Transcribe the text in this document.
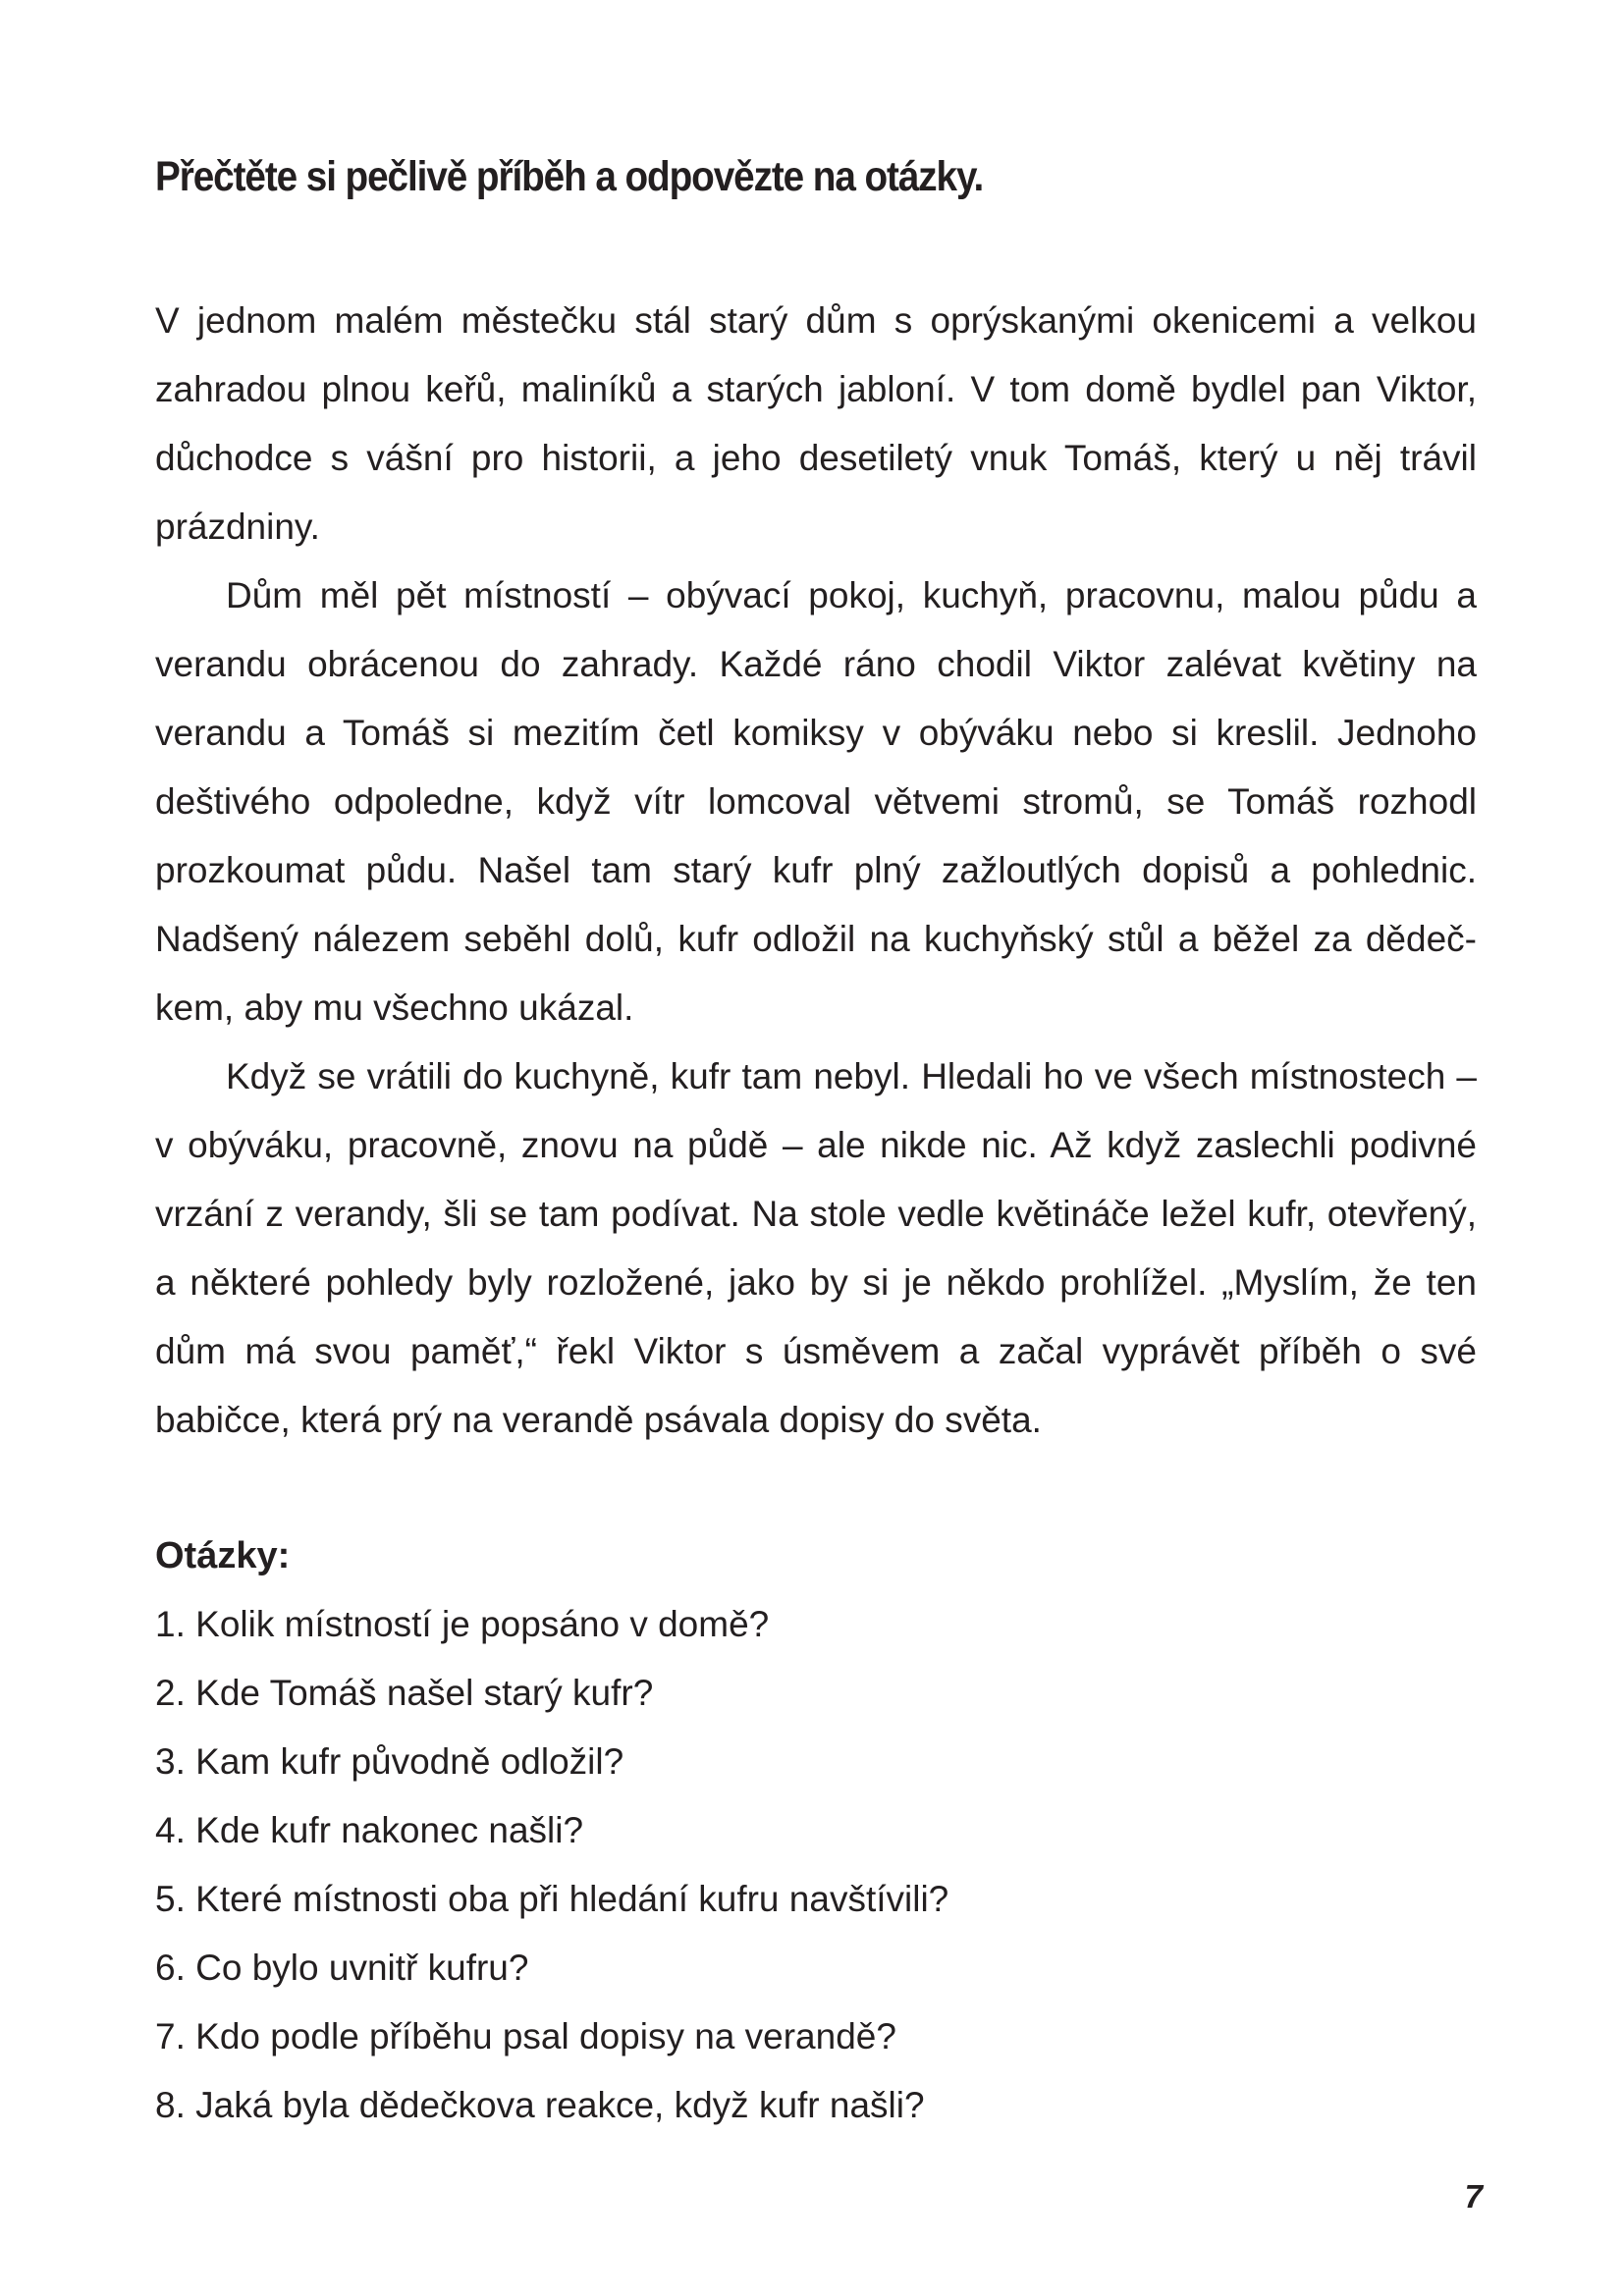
Přečtěte si pečlivě příběh a odpovězte na otázky.

V jednom malém městečku stál starý dům s oprýskanými okenicemi a velkou zahradou plnou keřů, maliníků a starých jabloní. V tom domě bydlel pan Viktor, důchodce s vášní pro historii, a jeho desetiletý vnuk Tomáš, který u něj trávil prázdniny.

Dům měl pět místností – obývací pokoj, kuchyň, pracovnu, malou půdu a verandu obrácenou do zahrady. Každé ráno chodil Viktor zalévat květiny na verandu a Tomáš si mezitím četl komiksy v obýváku nebo si kreslil. Jednoho deštivého odpoledne, když vítr lomcoval větvemi stromů, se Tomáš rozhodl prozkoumat půdu. Našel tam starý kufr plný zažloutlých dopisů a pohlednic. Nadšený nálezem seběhl dolů, kufr odložil na kuchyňský stůl a běžel za dědečkem, aby mu všechno ukázal.

Když se vrátili do kuchyně, kufr tam nebyl. Hledali ho ve všech místnostech – v obýváku, pracovně, znovu na půdě – ale nikde nic. Až když zaslechli podivné vrzání z verandy, šli se tam podívat. Na stole vedle květináče ležel kufr, otevřený, a některé pohledy byly rozložené, jako by si je někdo prohlížel. „Myslím, že ten dům má svou paměť,“ řekl Viktor s úsměvem a začal vyprávět příběh o své babičce, která prý na verandě psávala dopisy do světa.

Otázky:
1. Kolik místností je popsáno v domě?
2. Kde Tomáš našel starý kufr?
3. Kam kufr původně odložil?
4. Kde kufr nakonec našli?
5. Které místnosti oba při hledání kufru navštívili?
6. Co bylo uvnitř kufru?
7. Kdo podle příběhu psal dopisy na verandě?
8. Jaká byla dědečkova reakce, když kufr našli?
7
